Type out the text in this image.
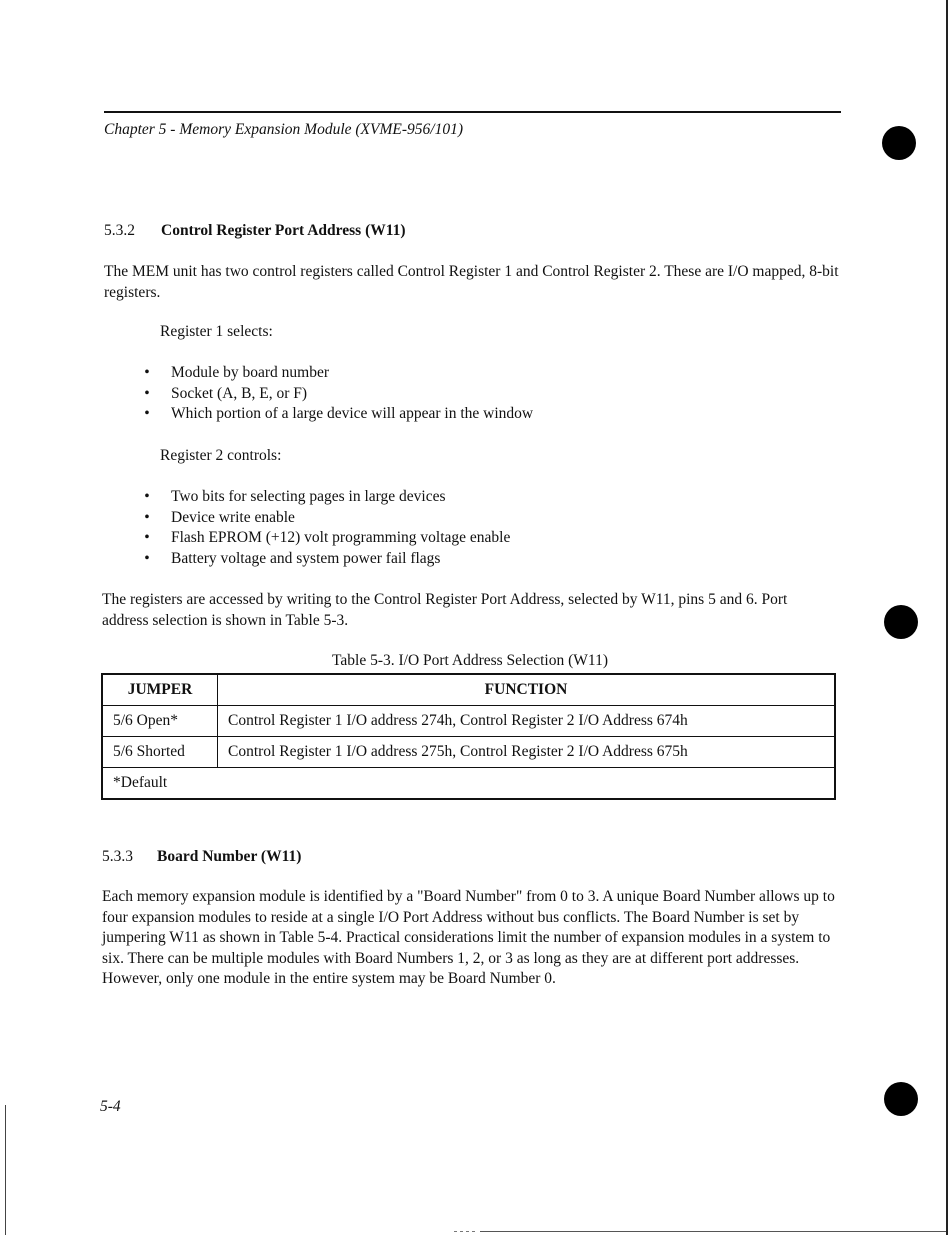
Chapter 5 - Memory Expansion Module (XVME-956/101)
5.3.2 Control Register Port Address (W11)
The MEM unit has two control registers called Control Register 1 and Control Register 2. These are I/O mapped, 8-bit registers.
Register 1 selects:
• Module by board number
• Socket (A, B, E, or F)
• Which portion of a large device will appear in the window
Register 2 controls:
• Two bits for selecting pages in large devices
• Device write enable
• Flash EPROM (+12) volt programming voltage enable
• Battery voltage and system power fail flags
The registers are accessed by writing to the Control Register Port Address, selected by W11, pins 5 and 6. Port address selection is shown in Table 5-3.
Table 5-3. I/O Port Address Selection (W11)
JUMPER	FUNCTION
5/6 Open*	Control Register 1 I/O address 274h, Control Register 2 I/O Address 674h
5/6 Shorted	Control Register 1 I/O address 275h, Control Register 2 I/O Address 675h
*Default	
5.3.3 Board Number (W11)
Each memory expansion module is identified by a "Board Number" from 0 to 3. A unique Board Number allows up to four expansion modules to reside at a single I/O Port Address without bus conflicts. The Board Number is set by jumpering W11 as shown in Table 5-4. Practical considerations limit the number of expansion modules in a system to six. There can be multiple modules with Board Numbers 1, 2, or 3 as long as they are at different port addresses. However, only one module in the entire system may be Board Number 0.
5-4
